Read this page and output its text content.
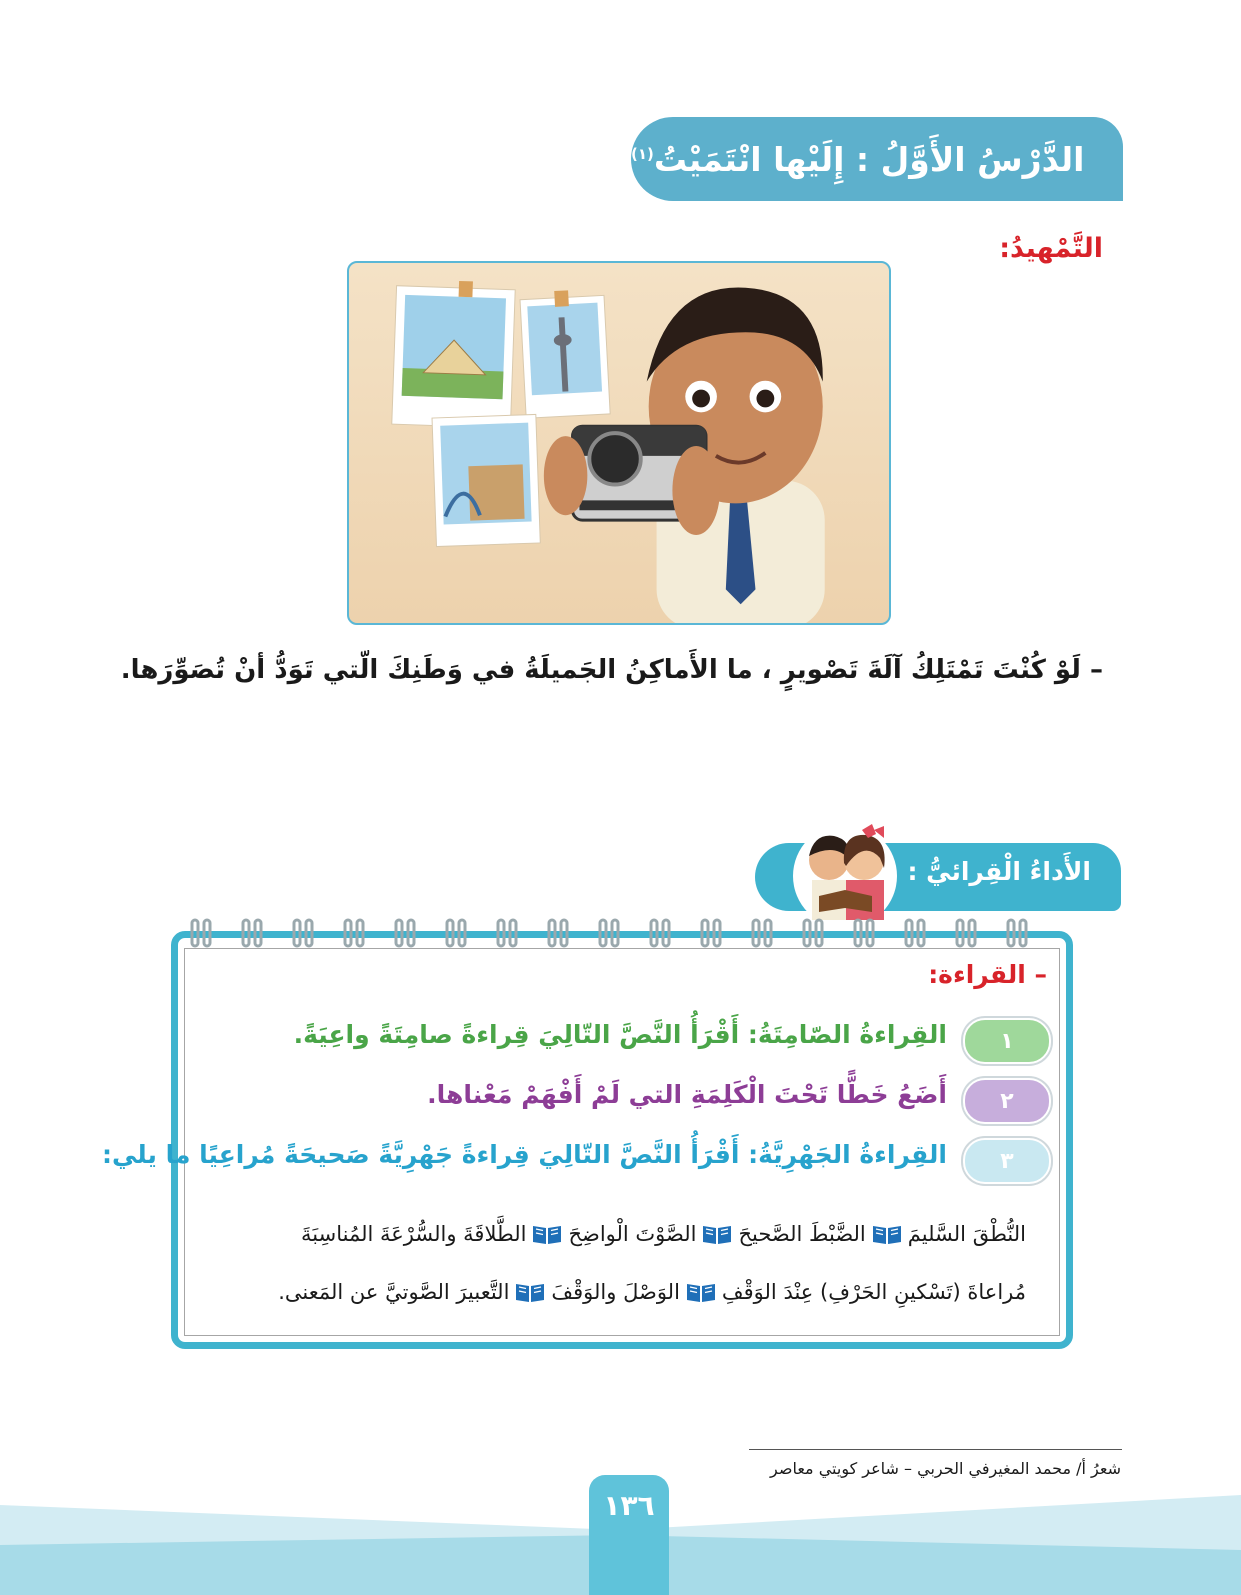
الدَّرْسُ الأَوَّلُ : إِلَيْها انْتَمَيْتُ$^{(١)}$
التَّمْهيدُ:
– لَوْ كُنْتَ تَمْتَلِكُ آلَةَ تَصْويرٍ ، ما الأَماكِنُ الجَميلَةُ في وَطَنِكَ الّتي تَوَدُّ أنْ تُصَوِّرَها.
الأَداءُ الْقِرائيُّ :
– القراءة:
١
القِراءةُ الصّامِتَةُ: أَقْرَأُ النَّصَّ التّالِيَ قِراءةً صامِتَةً واعِيَةً.
٢
أَضَعُ خَطًّا تَحْتَ الْكَلِمَةِ التي لَمْ أَفْهَمْ مَعْناها.
٣
القِراءةُ الجَهْرِيَّةُ: أَقْرَأُ النَّصَّ التّالِيَ قِراءةً جَهْرِيَّةً صَحيحَةً مُراعِيًا ما يلي:
النُّطْقَ السَّليمَ
الضَّبْطَ الصَّحيحَ
الصَّوْتَ الْواضِحَ
الطَّلاقَةَ والسُّرْعَةَ المُناسِبَةَ
مُراعاةَ (تَسْكينِ الحَرْفِ) عِنْدَ الوَقْفِ
الوَصْلَ والوَقْفَ
التَّعبيرَ الصَّوتيَّ عن المَعنى.
شعرُ أ/ محمد المغيرفي الحربي – شاعر كويتي معاصر
١٣٦
